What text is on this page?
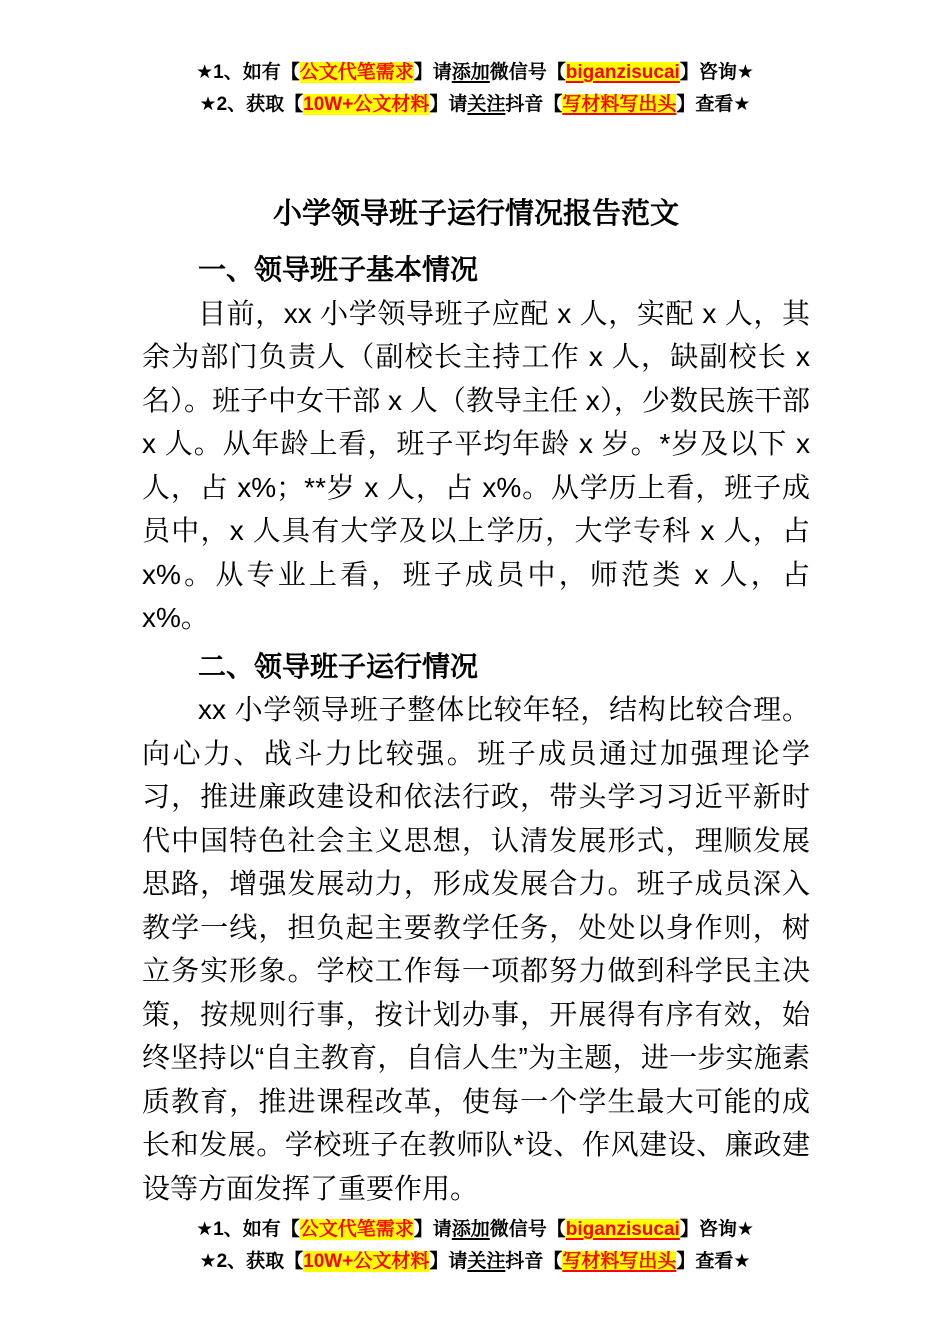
★1、如有【公文代笔需求】请添加微信号【biganzisucai】咨询★
★2、获取【10W+公文材料】请关注抖音【写材料写出头】查看★
小学领导班子运行情况报告范文
一、领导班子基本情况

目前，xx 小学领导班子应配 x 人，实配 x 人，其余为部门负责人（副校长主持工作 x 人，缺副校长 x 名）。班子中女干部 x 人（教导主任 x），少数民族干部 x 人。从年龄上看，班子平均年龄 x 岁。*岁及以下 x 人，占 x%；**岁 x 人，占 x%。从学历上看，班子成员中，x 人具有大学及以上学历，大学专科 x 人，占 x%。从专业上看，班子成员中，师范类 x 人，占 x%。

二、领导班子运行情况

xx 小学领导班子整体比较年轻，结构比较合理。向心力、战斗力比较强。班子成员通过加强理论学习，推进廉政建设和依法行政，带头学习习近平新时代中国特色社会主义思想，认清发展形式，理顺发展思路，增强发展动力，形成发展合力。班子成员深入教学一线，担负起主要教学任务，处处以身作则，树立务实形象。学校工作每一项都努力做到科学民主决策，按规则行事，按计划办事，开展得有序有效，始终坚持以“自主教育，自信人生”为主题，进一步实施素质教育，推进课程改革，使每一个学生最大可能的成长和发展。学校班子在教师队*设、作风建设、廉政建设等方面发挥了重要作用。

★1、如有【公文代笔需求】请添加微信号【biganzisucai】咨询★
★2、获取【10W+公文材料】请关注抖音【写材料写出头】查看★
